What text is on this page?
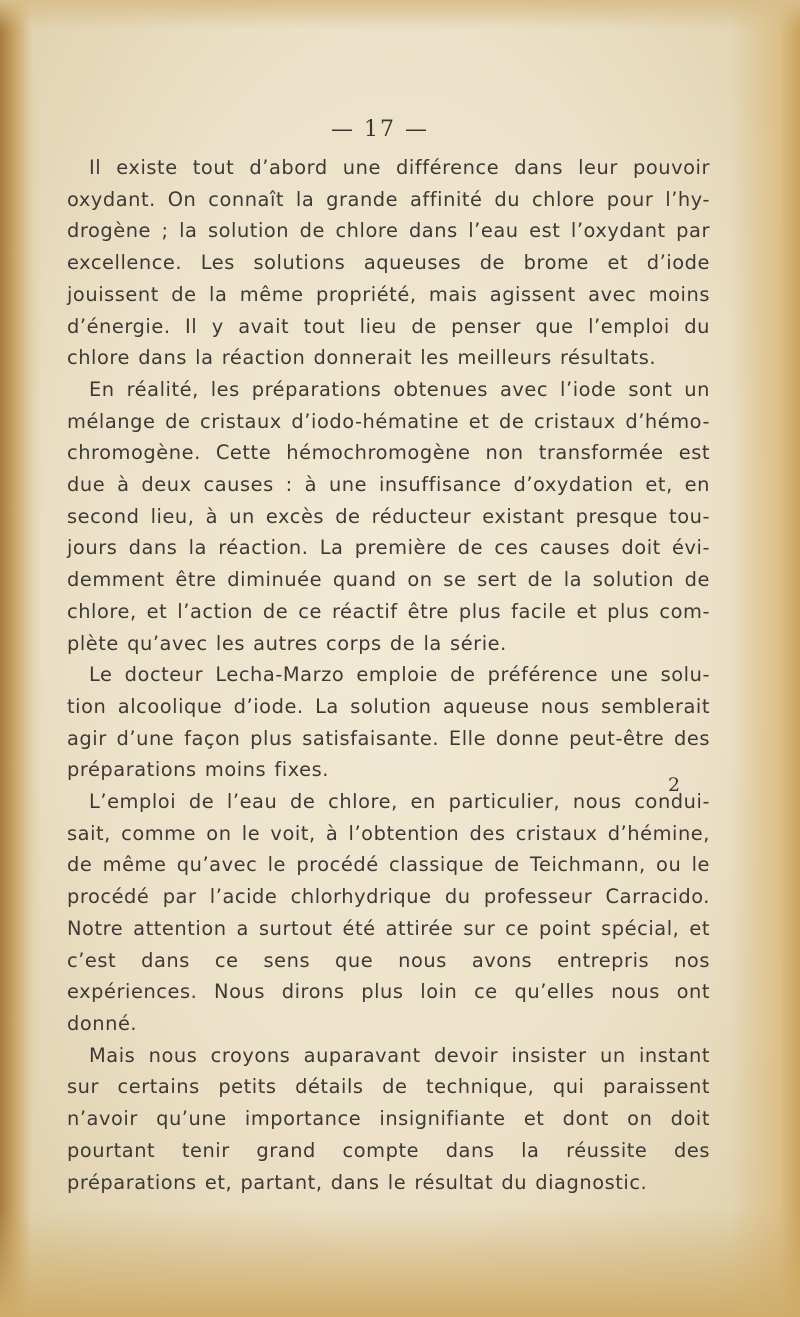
— 17 —

Il existe tout d’abord une différence dans leur pouvoir oxydant. On connaît la grande affinité du chlore pour l’hy- drogène ; la solution de chlore dans l’eau est l’oxydant par excellence. Les solutions aqueuses de brome et d’iode jouissent de la même propriété, mais agissent avec moins d’énergie. Il y avait tout lieu de penser que l’emploi du chlore dans la réaction donnerait les meilleurs résultats.

En réalité, les préparations obtenues avec l’iode sont un mélange de cristaux d’iodo-hématine et de cristaux d’hémo- chromogène. Cette hémochromogène non transformée est due à deux causes : à une insuffisance d’oxydation et, en second lieu, à un excès de réducteur existant presque tou- jours dans la réaction. La première de ces causes doit évi- demment être diminuée quand on se sert de la solution de chlore, et l’action de ce réactif être plus facile et plus com- plète qu’avec les autres corps de la série.

Le docteur Lecha-Marzo emploie de préférence une solu- tion alcoolique d’iode. La solution aqueuse nous semblerait agir d’une façon plus satisfaisante. Elle donne peut-être des préparations moins fixes.

L’emploi de l’eau de chlore, en particulier, nous condui- sait, comme on le voit, à l’obtention des cristaux d’hémine, de même qu’avec le procédé classique de Teichmann, ou le procédé par l’acide chlorhydrique du professeur Carracido. Notre attention a surtout été attirée sur ce point spécial, et c’est dans ce sens que nous avons entrepris nos expériences. Nous dirons plus loin ce qu’elles nous ont donné.

Mais nous croyons auparavant devoir insister un instant sur certains petits détails de technique, qui paraissent n’avoir qu’une importance insignifiante et dont on doit pourtant tenir grand compte dans la réussite des préparations et, partant, dans le résultat du diagnostic.

2
